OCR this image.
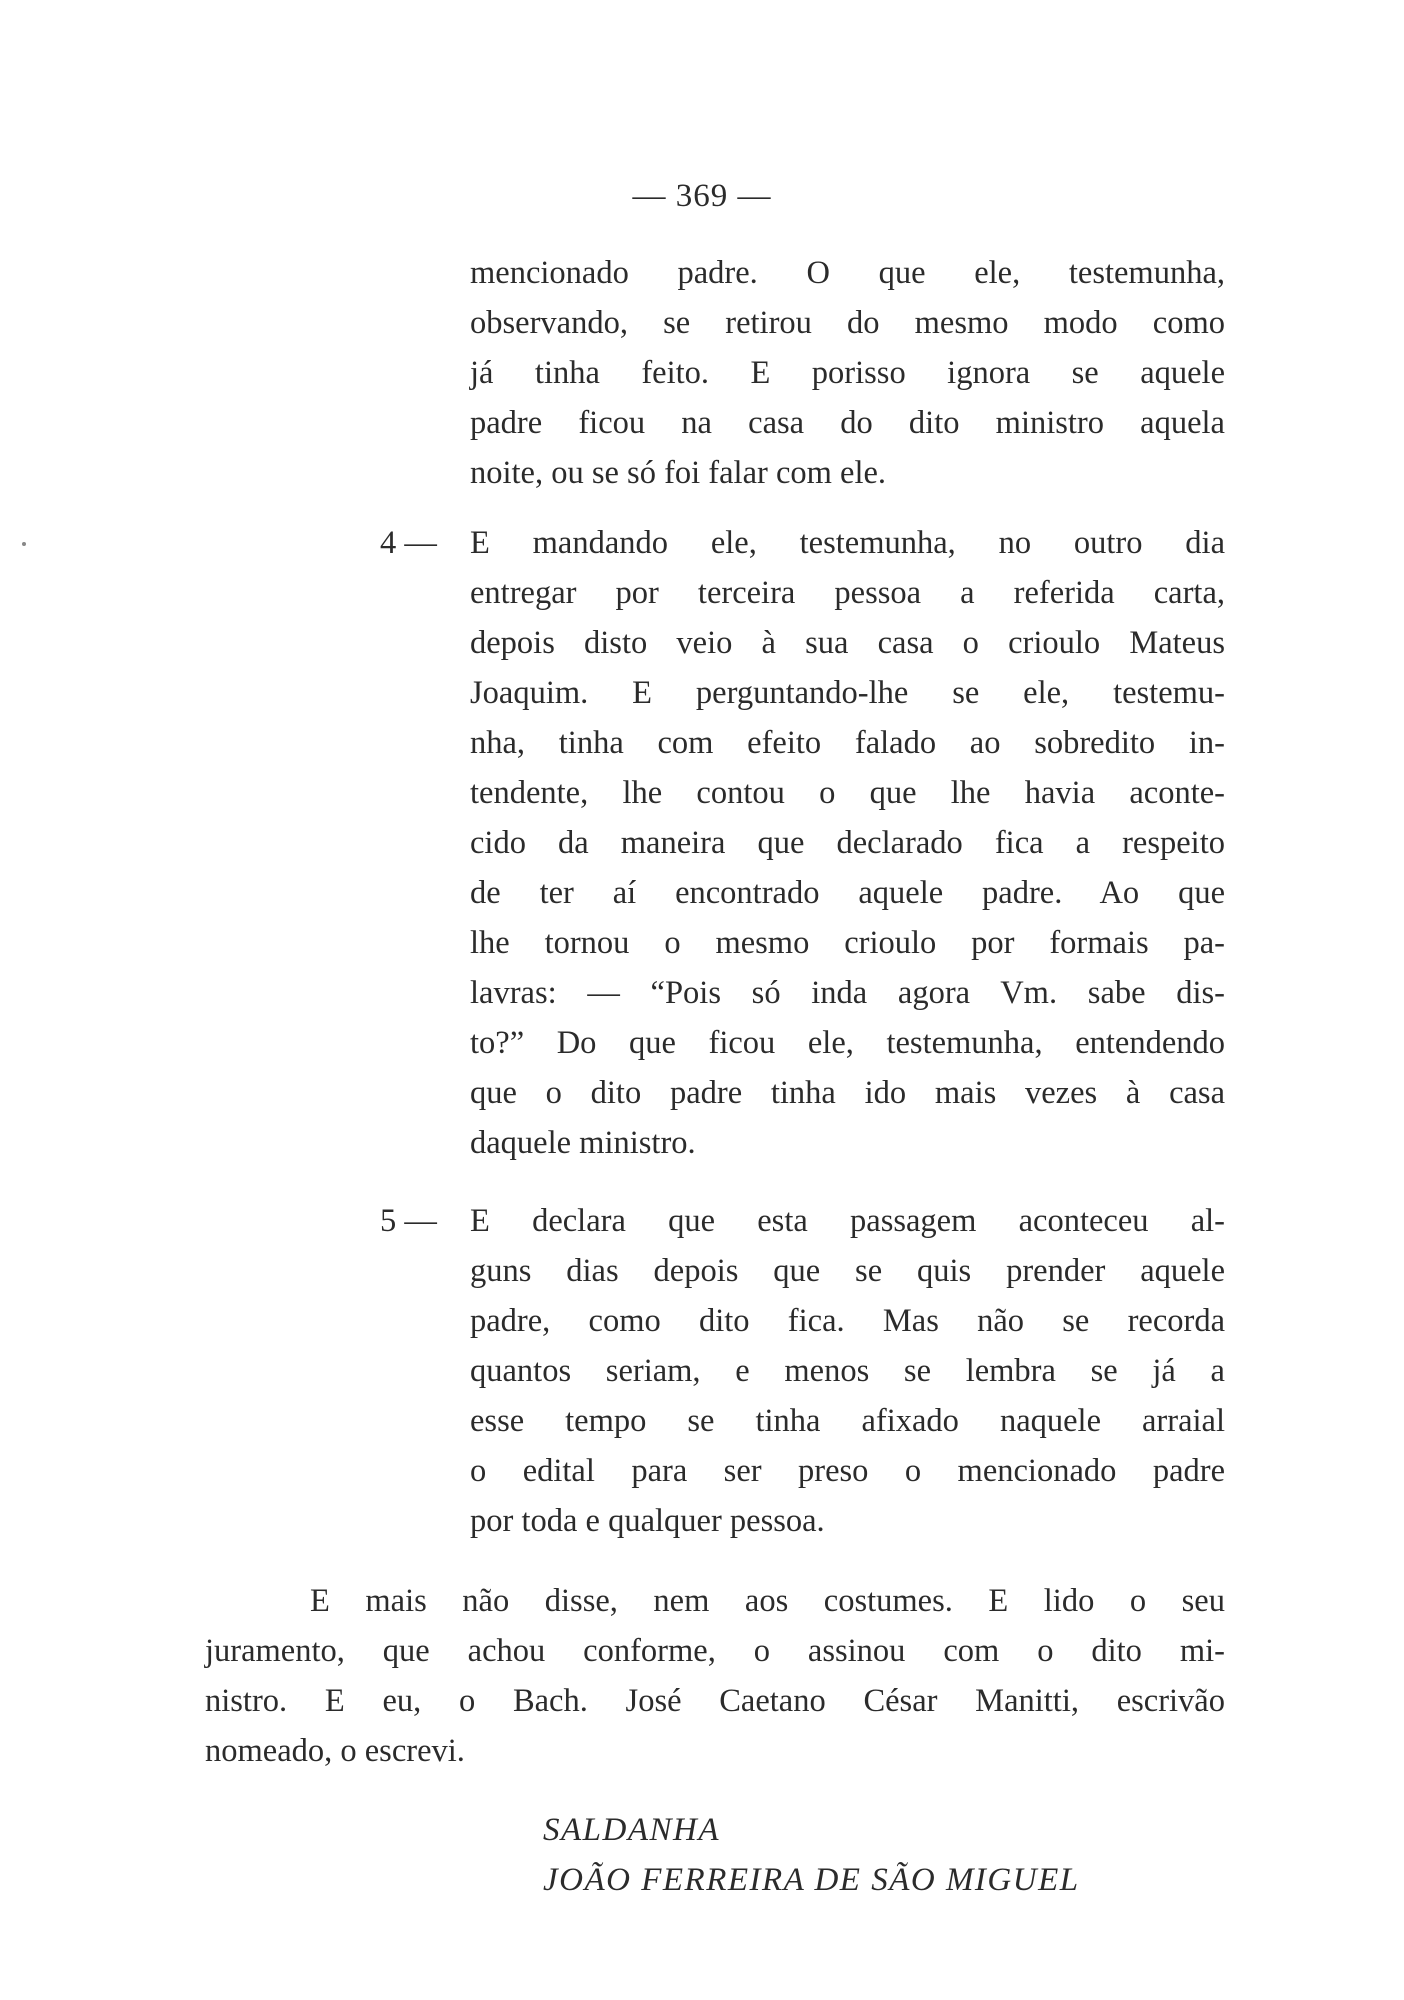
— 369 —
mencionado padre. O que ele, testemunha,
observando, se retirou do mesmo modo como
já tinha feito. E porisso ignora se aquele
padre ficou na casa do dito ministro aquela
noite, ou se só foi falar com ele.
4 — E mandando ele, testemunha, no outro dia
entregar por terceira pessoa a referida carta,
depois disto veio à sua casa o crioulo Mateus
Joaquim. E perguntando-lhe se ele, testemu-
nha, tinha com efeito falado ao sobredito in-
tendente, lhe contou o que lhe havia aconte-
cido da maneira que declarado fica a respeito
de ter aí encontrado aquele padre. Ao que
lhe tornou o mesmo crioulo por formais pa-
lavras: — “Pois só inda agora Vm. sabe dis-
to?” Do que ficou ele, testemunha, entendendo
que o dito padre tinha ido mais vezes à casa
daquele ministro.
5 — E declara que esta passagem aconteceu al-
guns dias depois que se quis prender aquele
padre, como dito fica. Mas não se recorda
quantos seriam, e menos se lembra se já a
esse tempo se tinha afixado naquele arraial
o edital para ser preso o mencionado padre
por toda e qualquer pessoa.
E mais não disse, nem aos costumes. E lido o seu
juramento, que achou conforme, o assinou com o dito mi-
nistro. E eu, o Bach. José Caetano César Manitti, escrivão
nomeado, o escrevi.
SALDANHA
JOÃO FERREIRA DE SÃO MIGUEL
